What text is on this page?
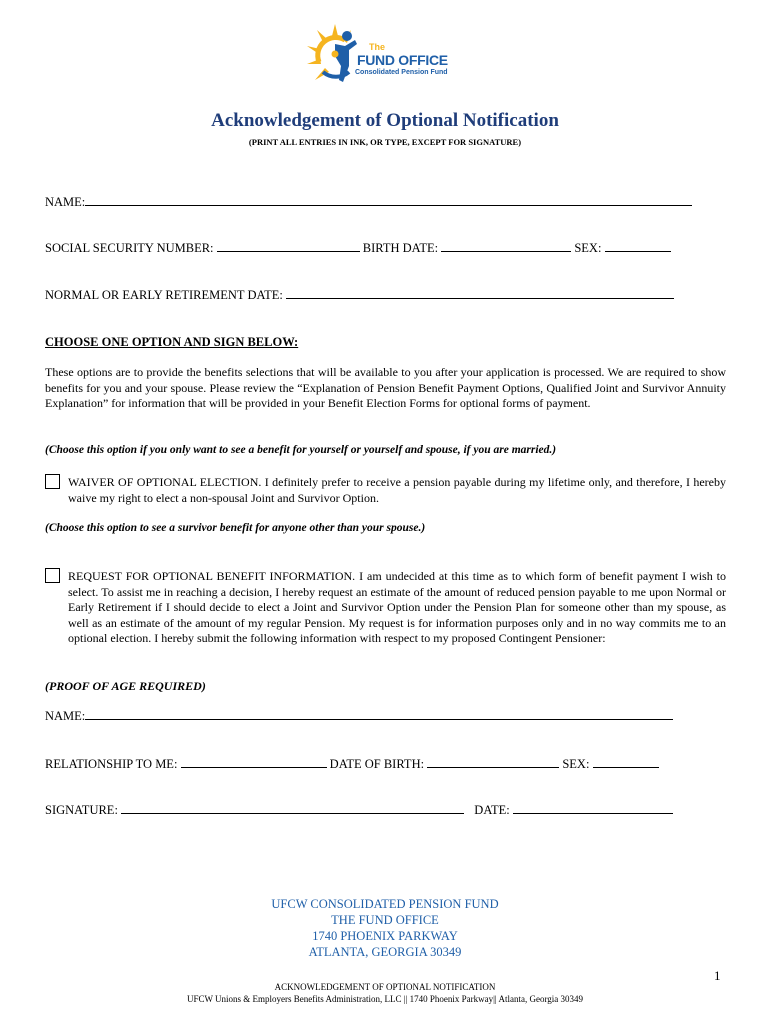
The
FUND OFFICE
Consolidated Pension Fund
Acknowledgement of Optional Notification
(PRINT ALL ENTRIES IN INK, OR TYPE, EXCEPT FOR SIGNATURE)
NAME:
SOCIAL SECURITY NUMBER:	BIRTH DATE:	SEX:
NORMAL OR EARLY RETIREMENT DATE:
CHOOSE ONE OPTION AND SIGN BELOW:
These options are to provide the benefits selections that will be available to you after your application is processed. We are required to show benefits for you and your spouse. Please review the “Explanation of Pension Benefit Payment Options, Qualified Joint and Survivor Annuity Explanation” for information that will be provided in your Benefit Election Forms for optional forms of payment.
(Choose this option if you only want to see a benefit for yourself or yourself and spouse, if you are married.)
WAIVER OF OPTIONAL ELECTION. I definitely prefer to receive a pension payable during my lifetime only, and therefore, I hereby waive my right to elect a non-spousal Joint and Survivor Option.
(Choose this option to see a survivor benefit for anyone other than your spouse.)
REQUEST FOR OPTIONAL BENEFIT INFORMATION. I am undecided at this time as to which form of benefit payment I wish to select. To assist me in reaching a decision, I hereby request an estimate of the amount of reduced pension payable to me upon Normal or Early Retirement if I should decide to elect a Joint and Survivor Option under the Pension Plan for someone other than my spouse, as well as an estimate of the amount of my regular Pension. My request is for information purposes only and in no way commits me to an optional election. I hereby submit the following information with respect to my proposed Contingent Pensioner:
(PROOF OF AGE REQUIRED)
NAME:
RELATIONSHIP TO ME:	DATE OF BIRTH:	SEX:
SIGNATURE:	DATE:
UFCW CONSOLIDATED PENSION FUND
THE FUND OFFICE
1740 PHOENIX PARKWAY
ATLANTA, GEORGIA 30349
1
ACKNOWLEDGEMENT OF OPTIONAL NOTIFICATION
UFCW Unions & Employers Benefits Administration, LLC || 1740 Phoenix Parkway|| Atlanta, Georgia 30349
